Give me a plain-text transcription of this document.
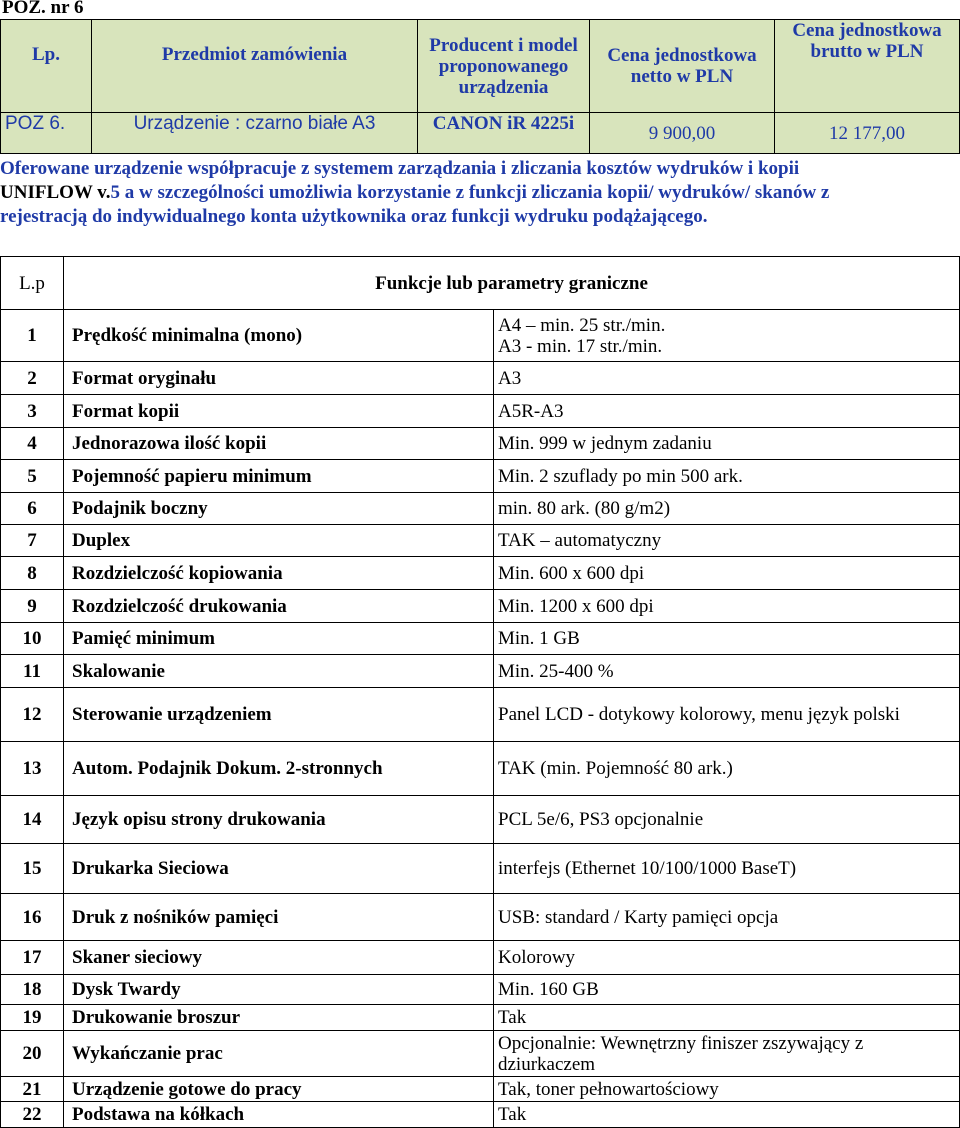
POZ. nr 6
Lp.	Przedmiot zamówienia	Producent i model proponowanego urządzenia	Cena jednostkowa netto w PLN	Cena jednostkowa brutto w PLN
POZ 6.	Urządzenie : czarno białe A3	CANON iR 4225i	9 900,00	12 177,00
Oferowane urządzenie współpracuje z systemem zarządzania i zliczania kosztów wydruków i kopii
UNIFLOW v.5 a w szczególności umożliwia korzystanie z funkcji zliczania kopii/ wydruków/ skanów z
rejestracją do indywidualnego konta użytkownika oraz funkcji wydruku podążającego.
L.p	Funkcje lub parametry graniczne	
1	Prędkość minimalna (mono)	A4 – min. 25 str./min.
A3 - min. 17 str./min.

2	Format oryginału	A3

3	Format kopii	A5R-A3

4	Jednorazowa ilość kopii	Min. 999 w jednym zadaniu

5	Pojemność papieru minimum	Min. 2 szuflady po min 500 ark.

6	Podajnik boczny	min. 80 ark. (80 g/m2)

7	Duplex	TAK – automatyczny

8	Rozdzielczość kopiowania	Min. 600 x 600 dpi

9	Rozdzielczość drukowania	Min. 1200 x 600 dpi

10	Pamięć minimum	Min. 1 GB

11	Skalowanie	Min. 25-400 %

12	Sterowanie urządzeniem	Panel LCD - dotykowy kolorowy, menu język polski

13	Autom. Podajnik Dokum. 2-stronnych	TAK (min. Pojemność 80 ark.)

14	Język opisu strony drukowania	PCL 5e/6, PS3 opcjonalnie

15	Drukarka Sieciowa	interfejs (Ethernet 10/100/1000 BaseT)

16	Druk z nośników pamięci	USB: standard / Karty pamięci opcja

17	Skaner sieciowy	Kolorowy

18	Dysk Twardy	Min. 160 GB

19	Drukowanie broszur	Tak

20	Wykańczanie prac	Opcjonalnie: Wewnętrzny finiszer zszywający z
dziurkaczem

21	Urządzenie gotowe do pracy	Tak, toner pełnowartościowy

22	Podstawa na kółkach	Tak
